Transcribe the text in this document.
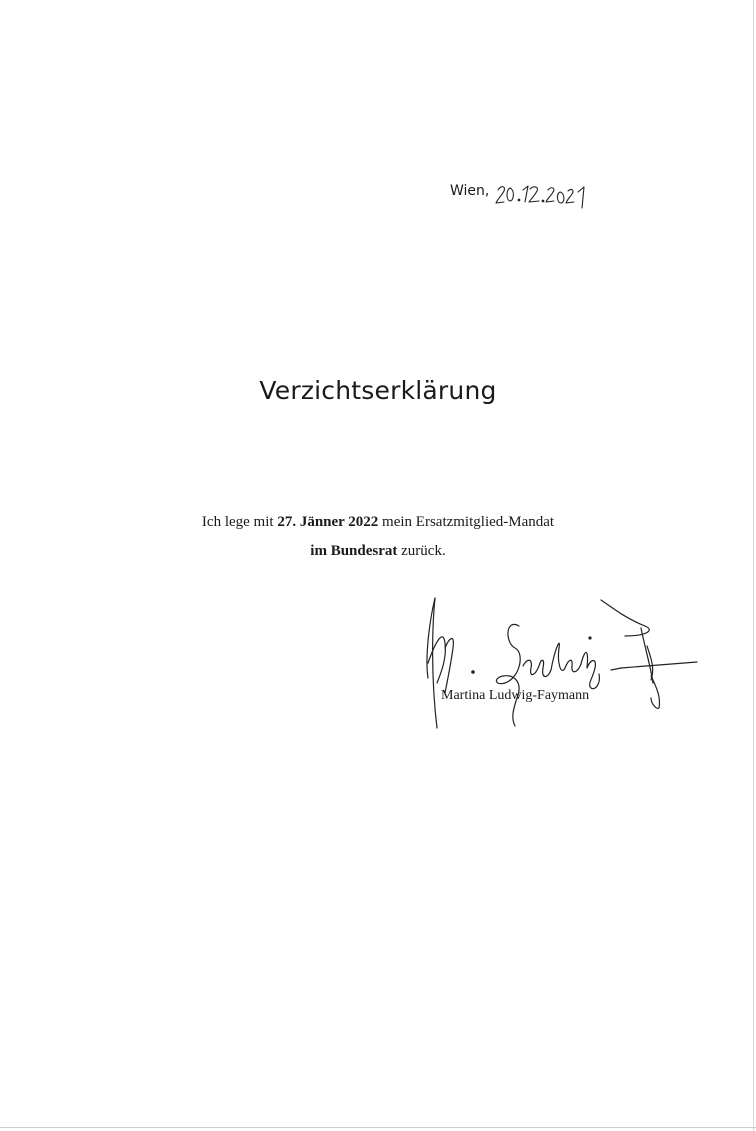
Wien,
Verzichtserklärung

Ich lege mit 27. Jänner 2022 mein Ersatzmitglied-Mandat
im Bundesrat zurück.

Martina Ludwig-Faymann
